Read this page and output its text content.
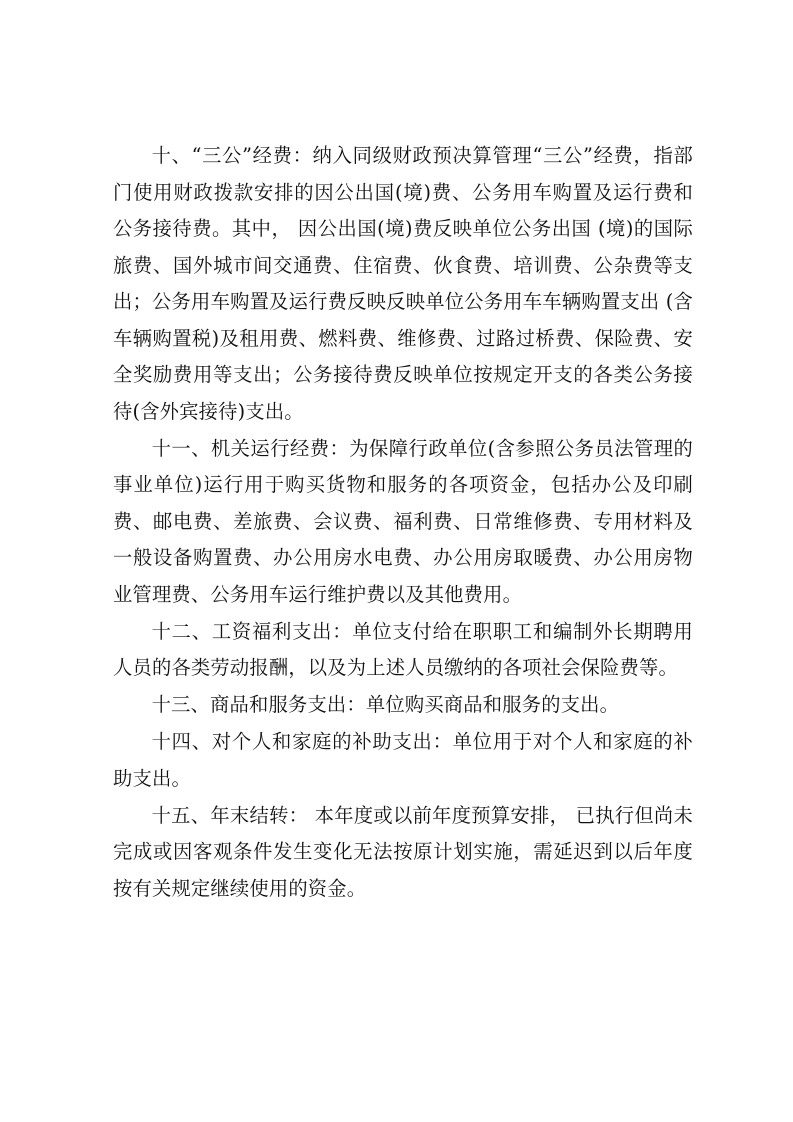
十、“三公”经费：纳入同级财政预决算管理“三公”经费，指部门使用财政拨款安排的因公出国(境)费、公务用车购置及运行费和公务接待费。其中， 因公出国(境)费反映单位公务出国 (境)的国际旅费、国外城市间交通费、住宿费、伙食费、培训费、公杂费等支出；公务用车购置及运行费反映反映单位公务用车车辆购置支出 (含车辆购置税)及租用费、燃料费、维修费、过路过桥费、保险费、安全奖励费用等支出；公务接待费反映单位按规定开支的各类公务接待(含外宾接待)支出。

十一、机关运行经费：为保障行政单位(含参照公务员法管理的事业单位)运行用于购买货物和服务的各项资金，包括办公及印刷费、邮电费、差旅费、会议费、福利费、日常维修费、专用材料及一般设备购置费、办公用房水电费、办公用房取暖费、办公用房物业管理费、公务用车运行维护费以及其他费用。

十二、工资福利支出：单位支付给在职职工和编制外长期聘用人员的各类劳动报酬，以及为上述人员缴纳的各项社会保险费等。

十三、商品和服务支出：单位购买商品和服务的支出。

十四、对个人和家庭的补助支出：单位用于对个人和家庭的补助支出。

十五、年末结转： 本年度或以前年度预算安排， 已执行但尚未完成或因客观条件发生变化无法按原计划实施，需延迟到以后年度按有关规定继续使用的资金。
